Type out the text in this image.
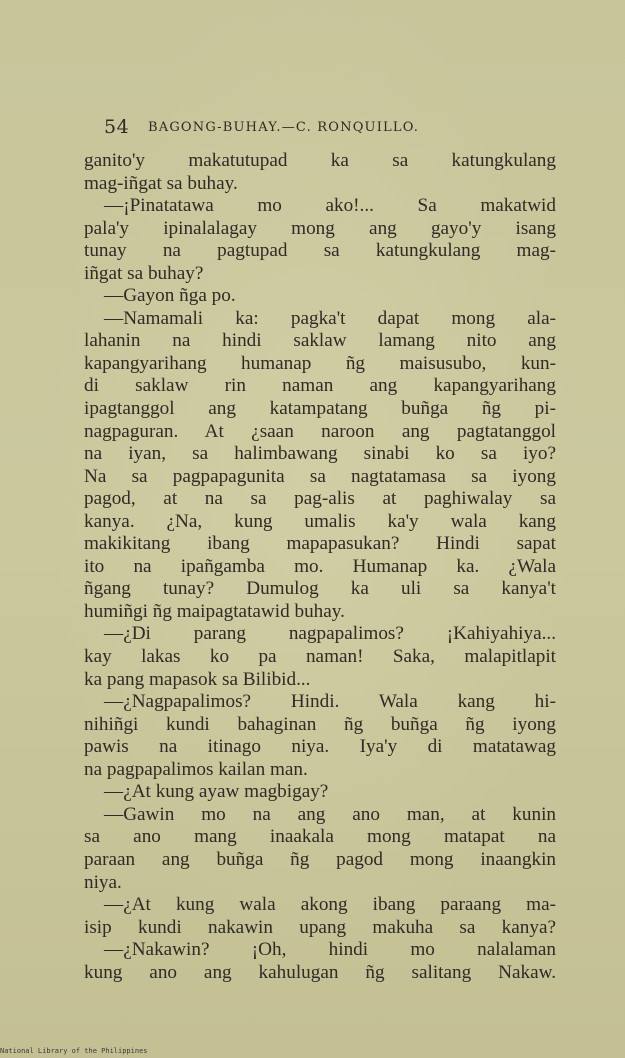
54 BAGONG-BUHAY.—C. RONQUILLO.
ganito'y makatutupad ka sa katungkulang
mag-iñgat sa buhay.
—¡Pinatatawa mo ako!... Sa makatwid
pala'y ipinalalagay mong ang gayo'y isang
tunay na pagtupad sa katungkulang mag-
iñgat sa buhay?
—Gayon ñga po.
—Namamali ka: pagka't dapat mong ala-
lahanin na hindi saklaw lamang nito ang
kapangyarihang humanap ñg maisusubo, kun-
di saklaw rin naman ang kapangyarihang
ipagtanggol ang katampatang buñga ñg pi-
nagpaguran. At ¿saan naroon ang pagtatanggol
na iyan, sa halimbawang sinabi ko sa iyo?
Na sa pagpapagunita sa nagtatamasa sa iyong
pagod, at na sa pag-alis at paghiwalay sa
kanya. ¿Na, kung umalis ka'y wala kang
makikitang ibang mapapasukan? Hindi sapat
ito na ipañgamba mo. Humanap ka. ¿Wala
ñgang tunay? Dumulog ka uli sa kanya't
humiñgi ñg maipagtatawid buhay.
—¿Di parang nagpapalimos? ¡Kahiyahiya...
kay lakas ko pa naman! Saka, malapitlapit
ka pang mapasok sa Bilibid...
—¿Nagpapalimos? Hindi. Wala kang hi-
nihiñgi kundi bahaginan ñg buñga ñg iyong
pawis na itinago niya. Iya'y di matatawag
na pagpapalimos kailan man.
—¿At kung ayaw magbigay?
—Gawin mo na ang ano man, at kunin
sa ano mang inaakala mong matapat na
paraan ang buñga ñg pagod mong inaangkin
niya.
—¿At kung wala akong ibang paraang ma-
isip kundi nakawin upang makuha sa kanya?
—¿Nakawin? ¡Oh, hindi mo nalalaman
kung ano ang kahulugan ñg salitang Nakaw.
National Library of the Philippines
